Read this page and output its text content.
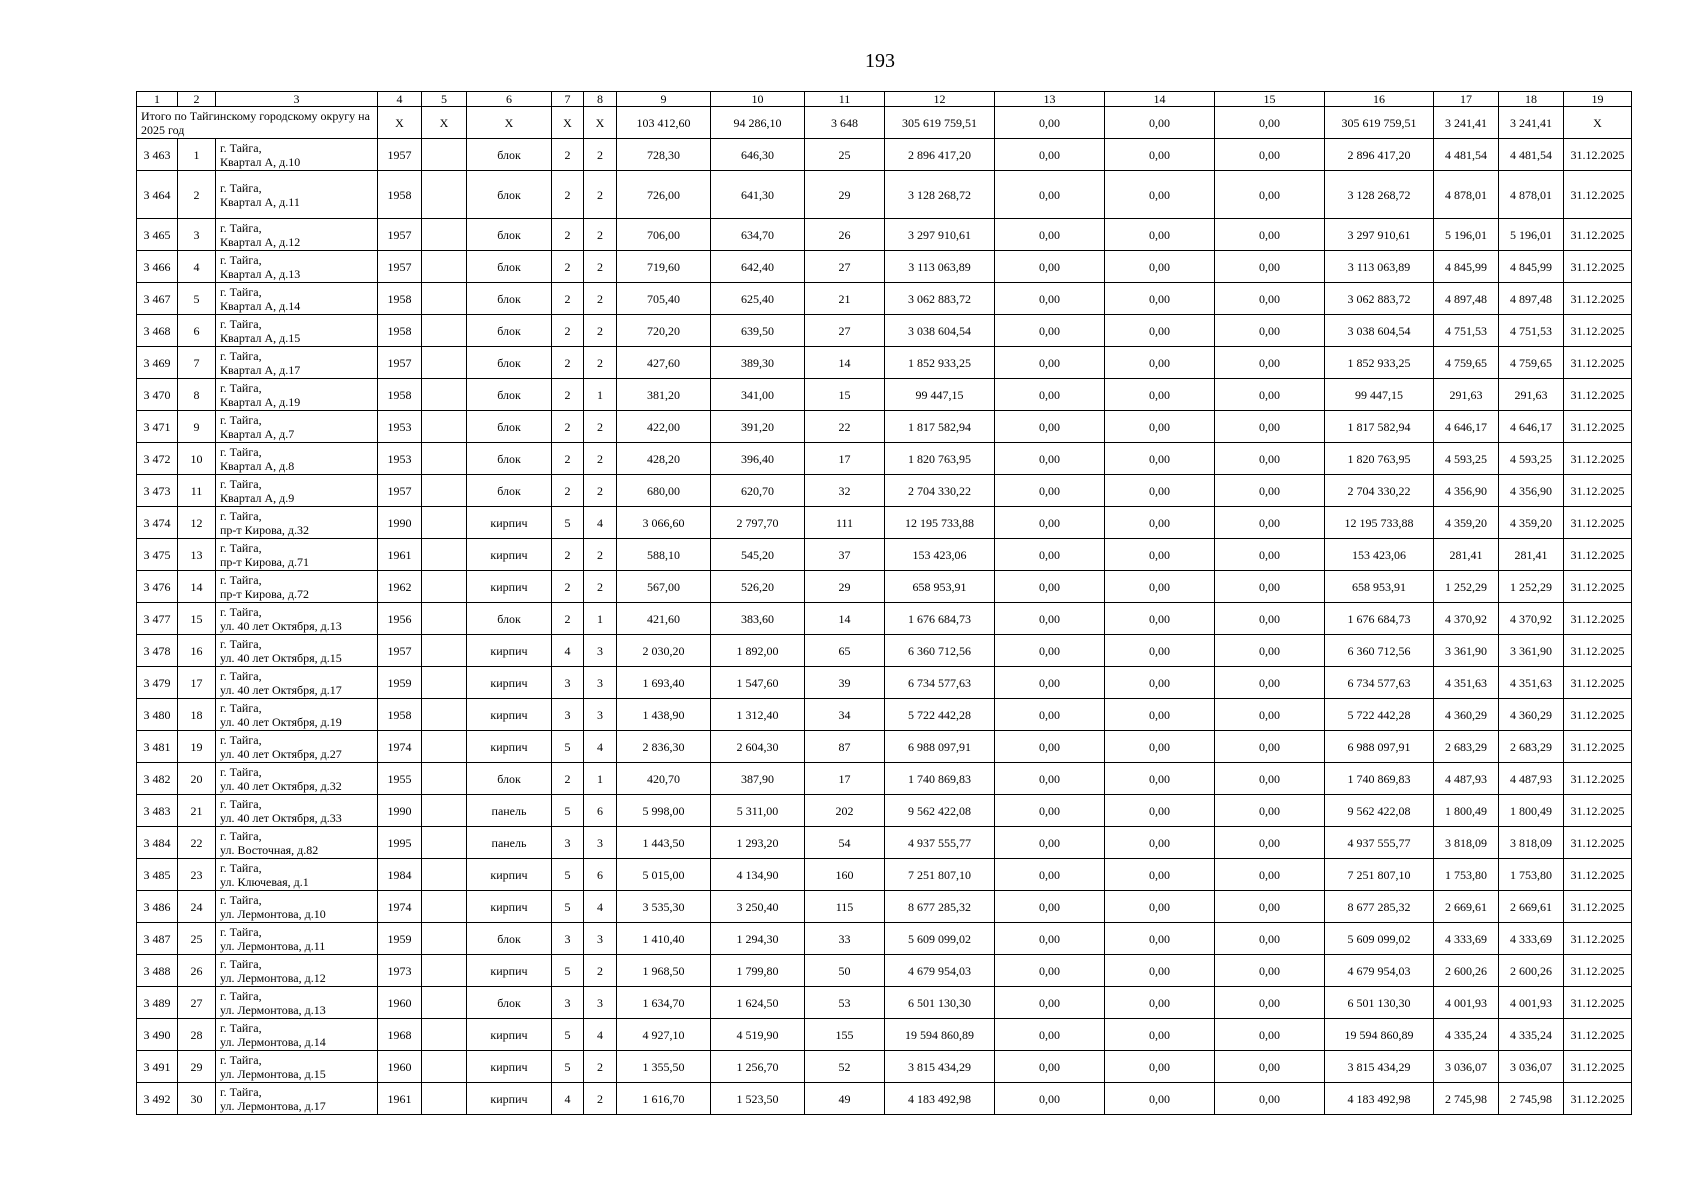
193
1	2	3	4	5	6	7	8	9	10	11	12	13	14	15	16	17	18	19
Итого по Тайгинскому городскому округу на 2025 год			X	X	X	X	X	103 412,60	94 286,10	3 648	305 619 759,51	0,00	0,00	0,00	305 619 759,51	3 241,41	3 241,41	X
3 463	1	г. Тайга,
Квартал А, д.10	1957		блок	2	2	728,30	646,30	25	2 896 417,20	0,00	0,00	0,00	2 896 417,20	4 481,54	4 481,54	31.12.2025
3 464	2	г. Тайга,
Квартал А, д.11	1958		блок	2	2	726,00	641,30	29	3 128 268,72	0,00	0,00	0,00	3 128 268,72	4 878,01	4 878,01	31.12.2025
3 465	3	г. Тайга,
Квартал А, д.12	1957		блок	2	2	706,00	634,70	26	3 297 910,61	0,00	0,00	0,00	3 297 910,61	5 196,01	5 196,01	31.12.2025
3 466	4	г. Тайга,
Квартал А, д.13	1957		блок	2	2	719,60	642,40	27	3 113 063,89	0,00	0,00	0,00	3 113 063,89	4 845,99	4 845,99	31.12.2025
3 467	5	г. Тайга,
Квартал А, д.14	1958		блок	2	2	705,40	625,40	21	3 062 883,72	0,00	0,00	0,00	3 062 883,72	4 897,48	4 897,48	31.12.2025
3 468	6	г. Тайга,
Квартал А, д.15	1958		блок	2	2	720,20	639,50	27	3 038 604,54	0,00	0,00	0,00	3 038 604,54	4 751,53	4 751,53	31.12.2025
3 469	7	г. Тайга,
Квартал А, д.17	1957		блок	2	2	427,60	389,30	14	1 852 933,25	0,00	0,00	0,00	1 852 933,25	4 759,65	4 759,65	31.12.2025
3 470	8	г. Тайга,
Квартал А, д.19	1958		блок	2	1	381,20	341,00	15	99 447,15	0,00	0,00	0,00	99 447,15	291,63	291,63	31.12.2025
3 471	9	г. Тайга,
Квартал А, д.7	1953		блок	2	2	422,00	391,20	22	1 817 582,94	0,00	0,00	0,00	1 817 582,94	4 646,17	4 646,17	31.12.2025
3 472	10	г. Тайга,
Квартал А, д.8	1953		блок	2	2	428,20	396,40	17	1 820 763,95	0,00	0,00	0,00	1 820 763,95	4 593,25	4 593,25	31.12.2025
3 473	11	г. Тайга,
Квартал А, д.9	1957		блок	2	2	680,00	620,70	32	2 704 330,22	0,00	0,00	0,00	2 704 330,22	4 356,90	4 356,90	31.12.2025
3 474	12	г. Тайга,
пр-т Кирова, д.32	1990		кирпич	5	4	3 066,60	2 797,70	111	12 195 733,88	0,00	0,00	0,00	12 195 733,88	4 359,20	4 359,20	31.12.2025
3 475	13	г. Тайга,
пр-т Кирова, д.71	1961		кирпич	2	2	588,10	545,20	37	153 423,06	0,00	0,00	0,00	153 423,06	281,41	281,41	31.12.2025
3 476	14	г. Тайга,
пр-т Кирова, д.72	1962		кирпич	2	2	567,00	526,20	29	658 953,91	0,00	0,00	0,00	658 953,91	1 252,29	1 252,29	31.12.2025
3 477	15	г. Тайга,
ул. 40 лет Октября, д.13	1956		блок	2	1	421,60	383,60	14	1 676 684,73	0,00	0,00	0,00	1 676 684,73	4 370,92	4 370,92	31.12.2025
3 478	16	г. Тайга,
ул. 40 лет Октября, д.15	1957		кирпич	4	3	2 030,20	1 892,00	65	6 360 712,56	0,00	0,00	0,00	6 360 712,56	3 361,90	3 361,90	31.12.2025
3 479	17	г. Тайга,
ул. 40 лет Октября, д.17	1959		кирпич	3	3	1 693,40	1 547,60	39	6 734 577,63	0,00	0,00	0,00	6 734 577,63	4 351,63	4 351,63	31.12.2025
3 480	18	г. Тайга,
ул. 40 лет Октября, д.19	1958		кирпич	3	3	1 438,90	1 312,40	34	5 722 442,28	0,00	0,00	0,00	5 722 442,28	4 360,29	4 360,29	31.12.2025
3 481	19	г. Тайга,
ул. 40 лет Октября, д.27	1974		кирпич	5	4	2 836,30	2 604,30	87	6 988 097,91	0,00	0,00	0,00	6 988 097,91	2 683,29	2 683,29	31.12.2025
3 482	20	г. Тайга,
ул. 40 лет Октября, д.32	1955		блок	2	1	420,70	387,90	17	1 740 869,83	0,00	0,00	0,00	1 740 869,83	4 487,93	4 487,93	31.12.2025
3 483	21	г. Тайга,
ул. 40 лет Октября, д.33	1990		панель	5	6	5 998,00	5 311,00	202	9 562 422,08	0,00	0,00	0,00	9 562 422,08	1 800,49	1 800,49	31.12.2025
3 484	22	г. Тайга,
ул. Восточная, д.82	1995		панель	3	3	1 443,50	1 293,20	54	4 937 555,77	0,00	0,00	0,00	4 937 555,77	3 818,09	3 818,09	31.12.2025
3 485	23	г. Тайга,
ул. Ключевая, д.1	1984		кирпич	5	6	5 015,00	4 134,90	160	7 251 807,10	0,00	0,00	0,00	7 251 807,10	1 753,80	1 753,80	31.12.2025
3 486	24	г. Тайга,
ул. Лермонтова, д.10	1974		кирпич	5	4	3 535,30	3 250,40	115	8 677 285,32	0,00	0,00	0,00	8 677 285,32	2 669,61	2 669,61	31.12.2025
3 487	25	г. Тайга,
ул. Лермонтова, д.11	1959		блок	3	3	1 410,40	1 294,30	33	5 609 099,02	0,00	0,00	0,00	5 609 099,02	4 333,69	4 333,69	31.12.2025
3 488	26	г. Тайга,
ул. Лермонтова, д.12	1973		кирпич	5	2	1 968,50	1 799,80	50	4 679 954,03	0,00	0,00	0,00	4 679 954,03	2 600,26	2 600,26	31.12.2025
3 489	27	г. Тайга,
ул. Лермонтова, д.13	1960		блок	3	3	1 634,70	1 624,50	53	6 501 130,30	0,00	0,00	0,00	6 501 130,30	4 001,93	4 001,93	31.12.2025
3 490	28	г. Тайга,
ул. Лермонтова, д.14	1968		кирпич	5	4	4 927,10	4 519,90	155	19 594 860,89	0,00	0,00	0,00	19 594 860,89	4 335,24	4 335,24	31.12.2025
3 491	29	г. Тайга,
ул. Лермонтова, д.15	1960		кирпич	5	2	1 355,50	1 256,70	52	3 815 434,29	0,00	0,00	0,00	3 815 434,29	3 036,07	3 036,07	31.12.2025
3 492	30	г. Тайга,
ул. Лермонтова, д.17	1961		кирпич	4	2	1 616,70	1 523,50	49	4 183 492,98	0,00	0,00	0,00	4 183 492,98	2 745,98	2 745,98	31.12.2025
